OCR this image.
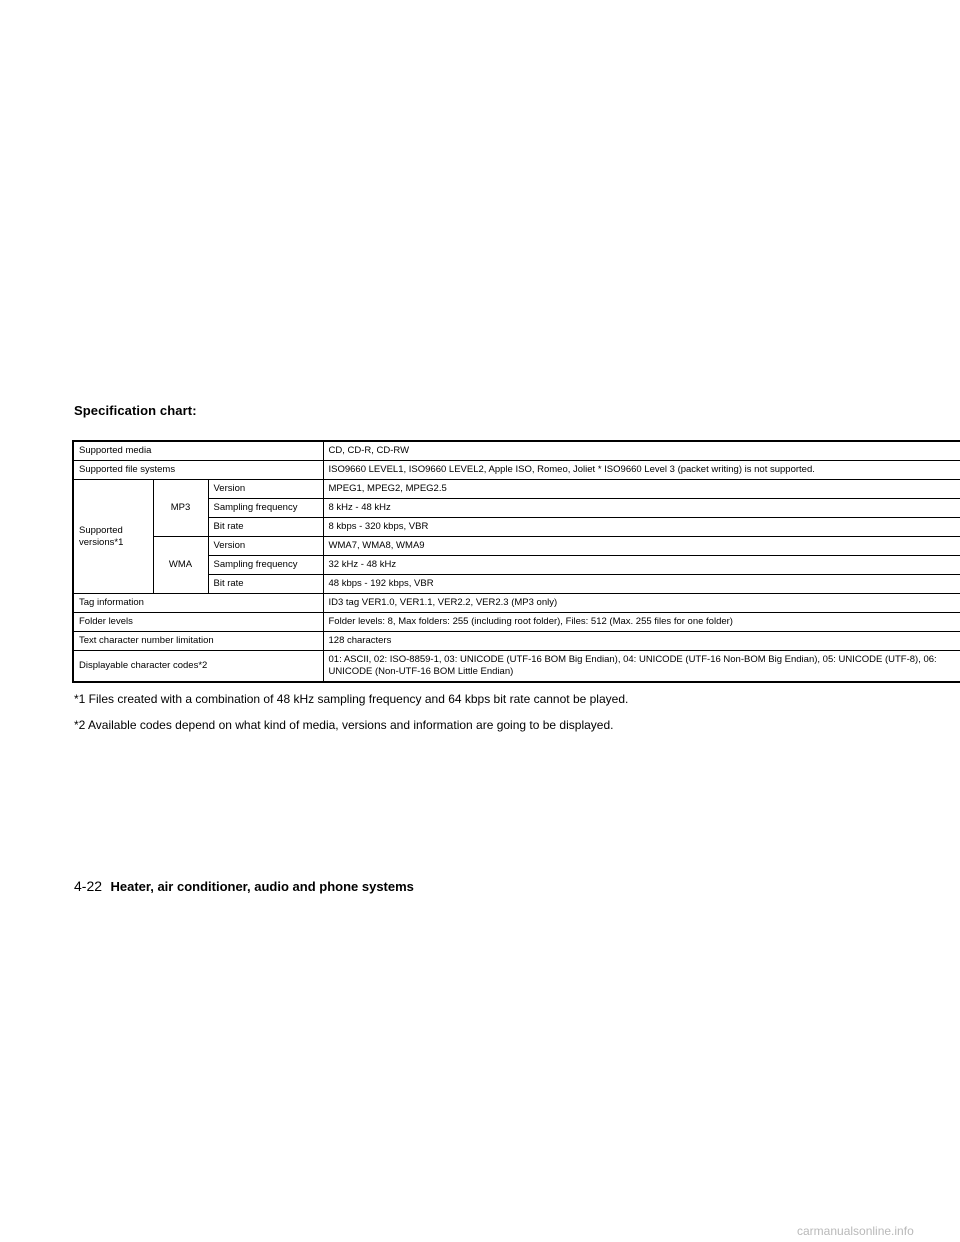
Specification chart:
Supported media			CD, CD-R, CD-RW
Supported file systems			ISO9660 LEVEL1, ISO9660 LEVEL2, Apple ISO, Romeo, Joliet * ISO9660 Level 3 (packet writing) is not supported.
Supported versions*1	MP3	Version	MPEG1, MPEG2, MPEG2.5
		Sampling frequency	8 kHz - 48 kHz
		Bit rate	8 kbps - 320 kbps, VBR
	WMA	Version	WMA7, WMA8, WMA9
		Sampling frequency	32 kHz - 48 kHz
		Bit rate	48 kbps - 192 kbps, VBR
Tag information			ID3 tag VER1.0, VER1.1, VER2.2, VER2.3 (MP3 only)
Folder levels			Folder levels: 8, Max folders: 255 (including root folder), Files: 512 (Max. 255 files for one folder)
Text character number limitation			128 characters
Displayable character codes*2			01: ASCII, 02: ISO-8859-1, 03: UNICODE (UTF-16 BOM Big Endian), 04: UNICODE (UTF-16 Non-BOM Big Endian), 05: UNICODE (UTF-8), 06: UNICODE (Non-UTF-16 BOM Little Endian)
*1 Files created with a combination of 48 kHz sampling frequency and 64 kbps bit rate cannot be played.
*2 Available codes depend on what kind of media, versions and information are going to be displayed.
4-22 Heater, air conditioner, audio and phone systems
carmanualsonline.info
